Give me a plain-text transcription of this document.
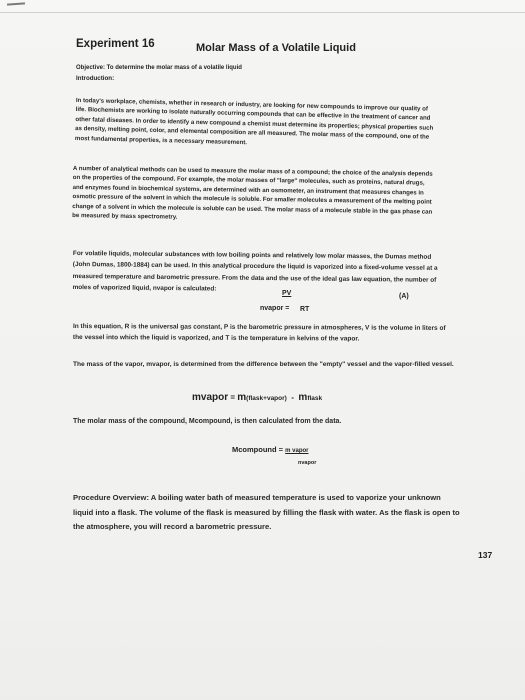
Experiment 16	Molar Mass of a Volatile Liquid
Objective: To determine the molar mass of a volatile liquid
Introduction:
In today's workplace, chemists, whether in research or industry, are looking for new compounds to improve our quality of life. Biochemists are working to isolate naturally occurring compounds that can be effective in the treatment of cancer and other fatal diseases. In order to identify a new compound a chemist must determine its properties; physical properties such as density, melting point, color, and elemental composition are all measured. The molar mass of the compound, one of the most fundamental properties, is a necessary measurement.
A number of analytical methods can be used to measure the molar mass of a compound; the choice of the analysis depends on the properties of the compound. For example, the molar masses of "large" molecules, such as proteins, natural drugs, and enzymes found in biochemical systems, are determined with an osmometer, an instrument that measures changes in osmotic pressure of the solvent in which the molecule is soluble. For smaller molecules a measurement of the melting point change of a solvent in which the molecule is soluble can be used. The molar mass of a molecule stable in the gas phase can be measured by mass spectrometry.
For volatile liquids, molecular substances with low boiling points and relatively low molar masses, the Dumas method (John Dumas, 1800-1884) can be used. In this analytical procedure the liquid is vaporized into a fixed-volume vessel at a measured temperature and barometric pressure. From the data and the use of the ideal gas law equation, the number of moles of vaporized liquid, nvapor is calculated:
PV	(A)
nvapor = RT
In this equation, R is the universal gas constant, P is the barometric pressure in atmospheres, V is the volume in liters of the vessel into which the liquid is vaporized, and T is the temperature in kelvins of the vapor.
The mass of the vapor, mvapor, is determined from the difference between the "empty" vessel and the vapor-filled vessel.
mvapor = m(flask+vapor) - mflask
The molar mass of the compound, Mcompound, is then calculated from the data.
Mcompound = m vapor
nvapor
Procedure Overview: A boiling water bath of measured temperature is used to vaporize your unknown liquid into a flask. The volume of the flask is measured by filling the flask with water. As the flask is open to the atmosphere, you will record a barometric pressure.
137
